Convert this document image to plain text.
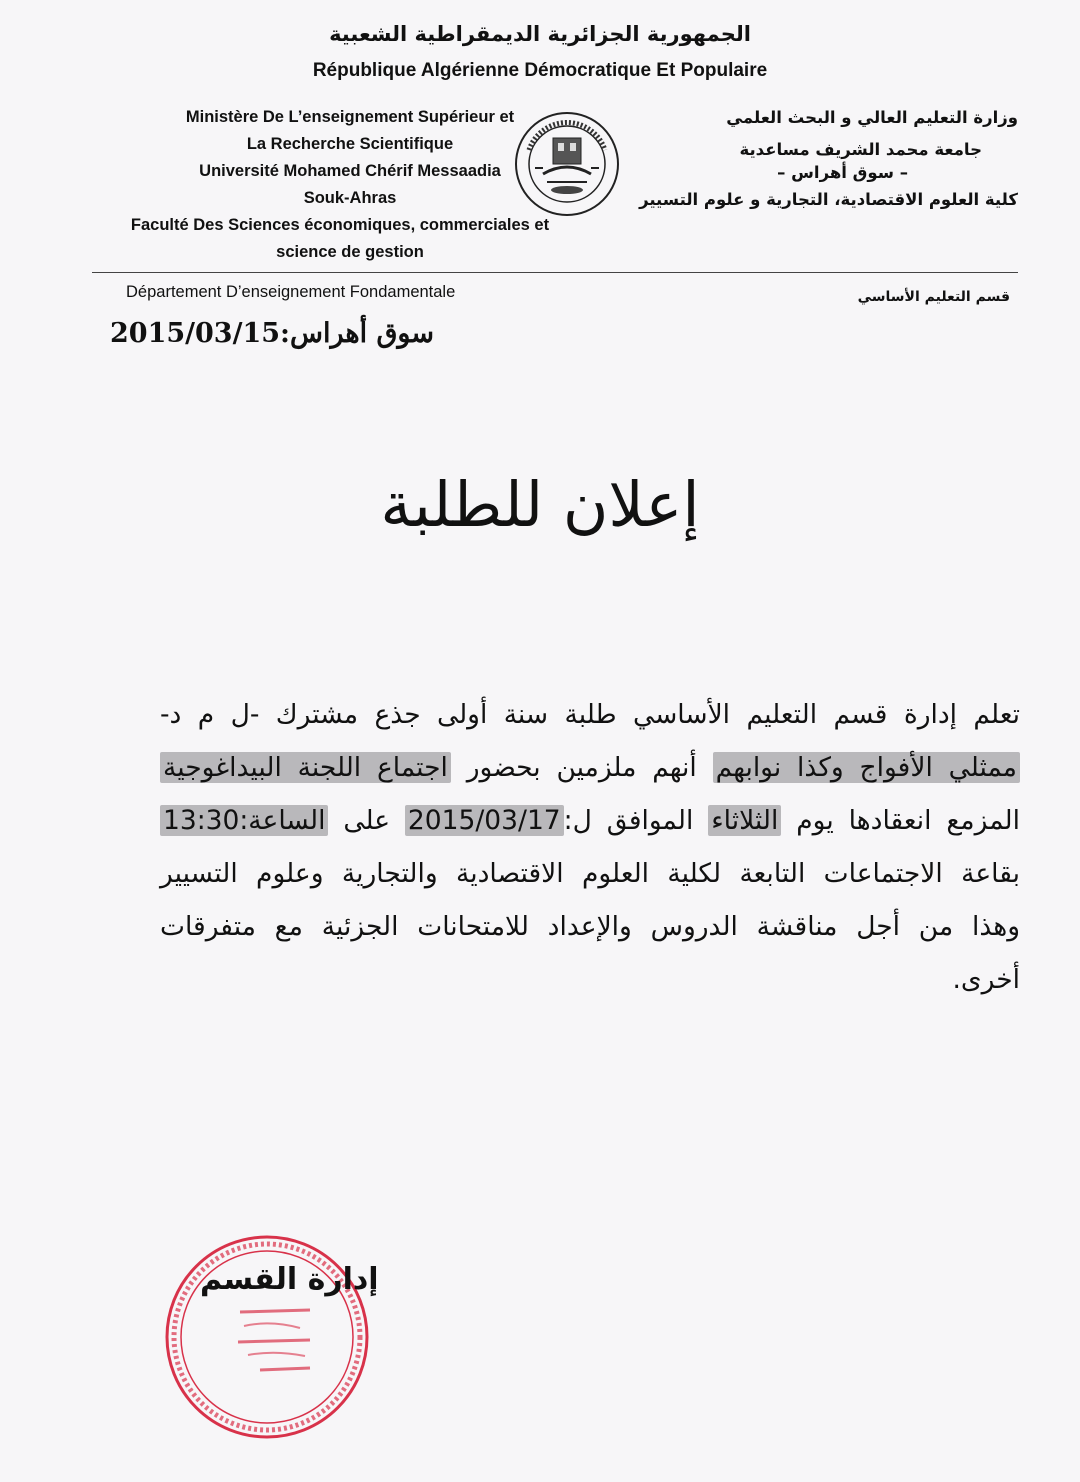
الجمهورية الجزائرية الديمقراطية الشعبية
République Algérienne Démocratique Et Populaire
Ministère De L’enseignement Supérieur et
La Recherche Scientifique
Université Mohamed Chérif Messaadia
Souk-Ahras
Faculté Des Sciences économiques, commerciales et
science de gestion
وزارة التعليم العالي و البحث العلمي
جامعة محمد الشريف مساعدية
– سوق أهراس –
كلية العلوم الاقتصادية، التجارية و علوم التسيير
Département D’enseignement Fondamentale	قسم التعليم الأساسي
سوق أهراس:2015/03/15
إعلان للطلبة
تعلم إدارة قسم التعليم الأساسي طلبة سنة أولى جذع مشترك -ل م د-
ممثلي الأفواج وكذا نوابهم أنهم ملزمين بحضور اجتماع اللجنة البيداغوجية
المزمع انعقادها يوم الثلاثاء الموافق ل:2015/03/17 على الساعة:13:30
بقاعة الاجتماعات التابعة لكلية العلوم الاقتصادية والتجارية وعلوم التسيير
وهذا من أجل مناقشة الدروس والإعداد للامتحانات الجزئية مع متفرقات
أخرى.
إدارة القسم
